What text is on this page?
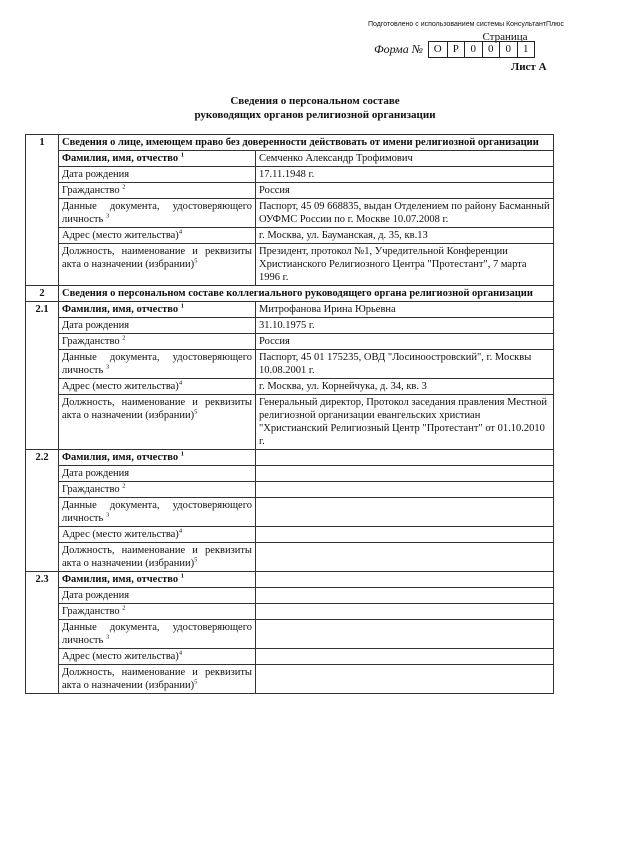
Подготовлено с использованием системы КонсультантПлюс
Страница
Форма № О Р	0	0	0	1
Лист А
Сведения о персональном составе
руководящих органов религиозной организации
1	Сведения о лице, имеющем право без доверенности действовать от имени религиозной организации	
	Фамилия, имя, отчество $^1$	Семченко Александр Трофимович
	Дата рождения	17.11.1948 г.
	Гражданство $^2$	Россия
	Данные документа, удостоверяющего личность $^3$	Паспорт, 45 09 668835, выдан Отделением по району Басманный ОУФМС России по г. Москве 10.07.2008 г.
	Адрес (место жительства)$^4$	г. Москва, ул. Бауманская, д. 35, кв.13
	Должность, наименование и реквизиты акта о назначении (избрании)$^5$	Президент, протокол №1, Учредительной Конференции Христианского Религиозного Центра "Протестант", 7 марта 1996 г.
2	Сведения о персональном составе коллегиального руководящего органа религиозной организации	
2.1	Фамилия, имя, отчество $^1$	Митрофанова Ирина Юрьевна
	Дата рождения	31.10.1975 г.
	Гражданство $^2$	Россия
	Данные документа, удостоверяющего личность $^3$	Паспорт, 45 01 175235, ОВД "Лосиноостровский", г. Москвы 10.08.2001 г.
	Адрес (место жительства)$^4$	г. Москва, ул. Корнейчука, д. 34, кв. 3
	Должность, наименование и реквизиты акта о назначении (избрании)$^5$	Генеральный директор, Протокол заседания правления Местной религиозной организации евангельских христиан "Христианский Религиозный Центр "Протестант" от 01.10.2010 г.
2.2	Фамилия, имя, отчество $^1$	
	Дата рождения	
	Гражданство $^2$	
	Данные документа, удостоверяющего личность $^3$	
	Адрес (место жительства)$^4$	
	Должность, наименование и реквизиты акта о назначении (избрании)$^5$	
2.3	Фамилия, имя, отчество $^1$	
	Дата рождения	
	Гражданство $^2$	
	Данные документа, удостоверяющего личность $^3$	
	Адрес (место жительства)$^4$	
	Должность, наименование и реквизиты акта о назначении (избрании)$^5$	
